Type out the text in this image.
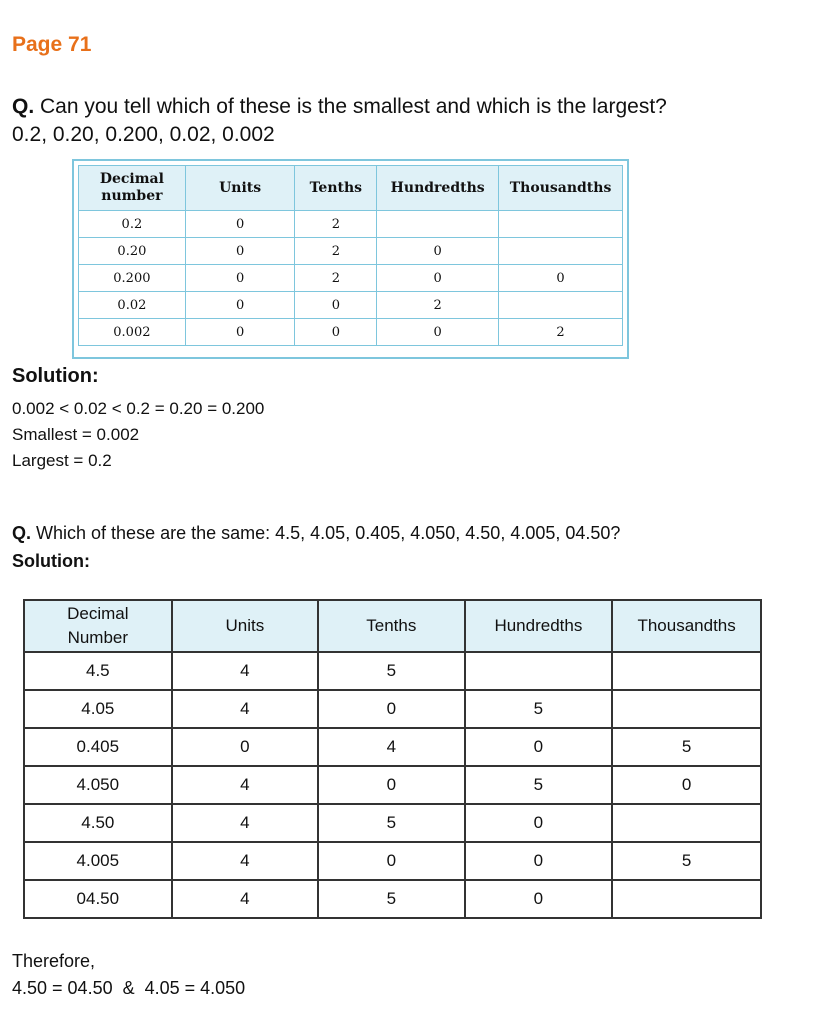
Page 71
Q. Can you tell which of these is the smallest and which is the largest?
0.2, 0.20, 0.200, 0.02, 0.002
Decimal number	Units	Tenths	Hundredths	Thousandths
0.2	0	2		
0.20	0	2	0	
0.200	0	2	0	0
0.02	0	0	2	
0.002	0	0	0	2
Solution:
0.002 < 0.02 < 0.2 = 0.20 = 0.200
Smallest = 0.002
Largest = 0.2
Q. Which of these are the same: 4.5, 4.05, 0.405, 4.050, 4.50, 4.005, 04.50?
Solution:
Decimal Number	Units	Tenths	Hundredths	Thousandths
4.5	4	5		
4.05	4	0	5	
0.405	0	4	0	5
4.050	4	0	5	0
4.50	4	5	0	
4.005	4	0	0	5
04.50	4	5	0	
Therefore,
4.50 = 04.50  &  4.05 = 4.050
